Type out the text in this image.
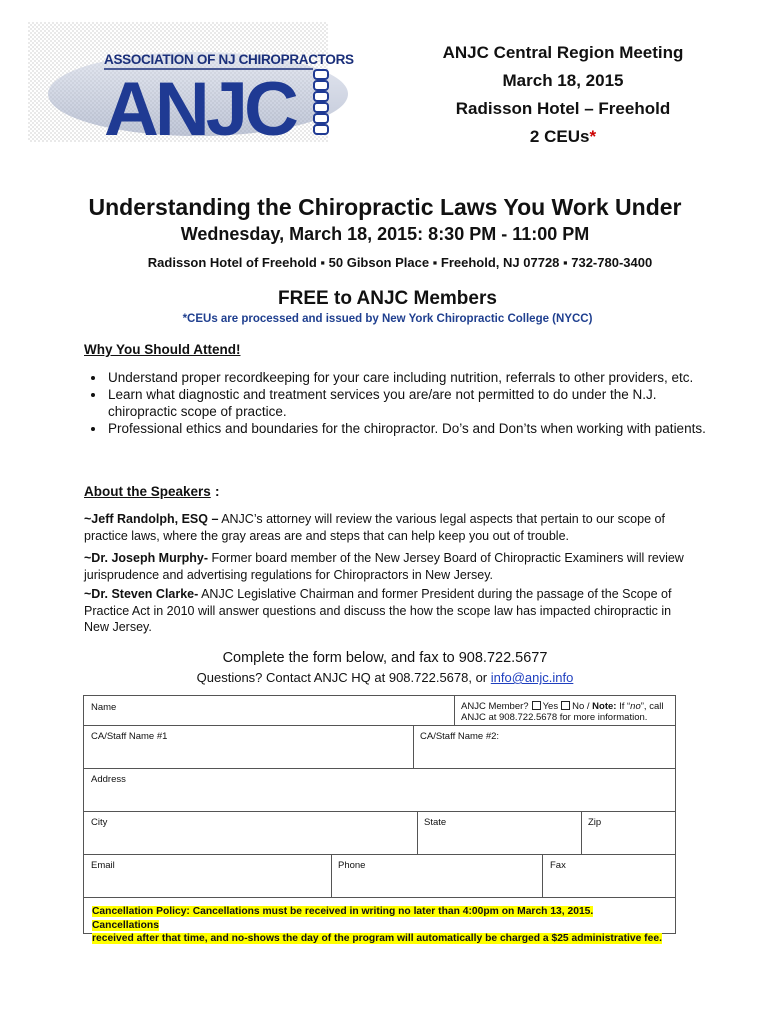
ASSOCIATION OF NJ CHIROPRACTORS
ANJC
ANJC Central Region Meeting
March 18, 2015
Radisson Hotel – Freehold
2 CEUs*
Understanding the Chiropractic Laws You Work Under
Wednesday, March 18, 2015: 8:30 PM - 11:00 PM
Radisson Hotel of Freehold ▪ 50 Gibson Place ▪ Freehold, NJ 07728 ▪ 732-780-3400
FREE to ANJC Members
*CEUs are processed and issued by New York Chiropractic College (NYCC)
Why You Should Attend!
• Understand proper recordkeeping for your care including nutrition, referrals to other providers, etc.
• Learn what diagnostic and treatment services you are/are not permitted to do under the N.J. chiropractic scope of practice.
• Professional ethics and boundaries for the chiropractor. Do’s and Don’ts when working with patients.
About the Speakers :
~Jeff Randolph, ESQ – ANJC’s attorney will review the various legal aspects that pertain to our scope of practice laws, where the gray areas are and steps that can help keep you out of trouble.
~Dr. Joseph Murphy- Former board member of the New Jersey Board of Chiropractic Examiners will review jurisprudence and advertising regulations for Chiropractors in New Jersey.
~Dr. Steven Clarke- ANJC Legislative Chairman and former President during the passage of the Scope of Practice Act in 2010 will answer questions and discuss the how the scope law has impacted chiropractic in New Jersey.
Complete the form below, and fax to 908.722.5677
Questions? Contact ANJC HQ at 908.722.5678, or info@anjc.info
Name	ANJC Member? Yes No / Note: If “no”, call
ANJC at 908.722.5678 for more information.
CA/Staff Name #1	CA/Staff Name #2:
Address
City	State	Zip
Email	Phone	Fax
Cancellation Policy: Cancellations must be received in writing no later than 4:00pm on March 13, 2015. Cancellations
received after that time, and no-shows the day of the program will automatically be charged a $25 administrative fee.
